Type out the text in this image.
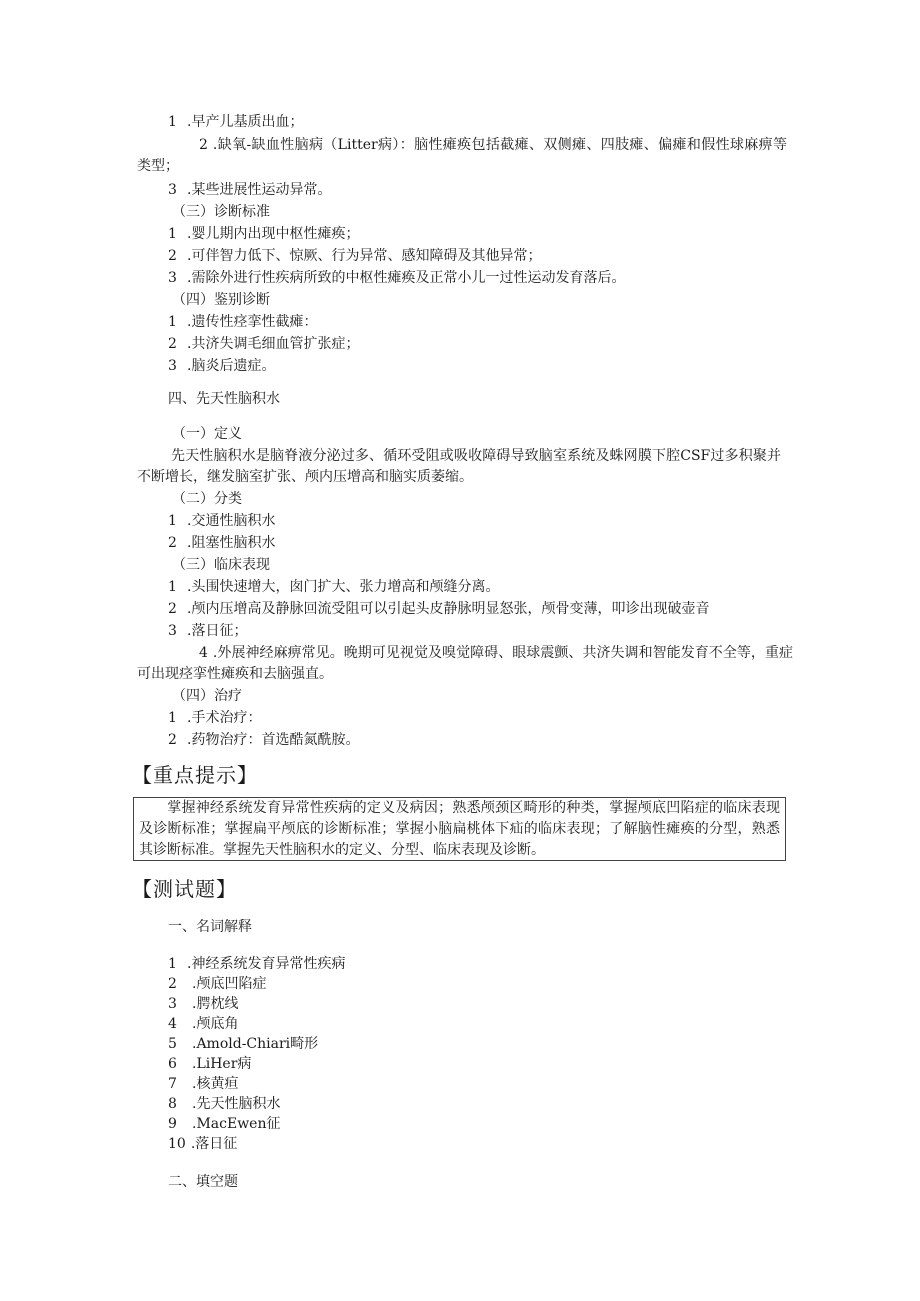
1 .早产儿基质出血；
2 .缺氧-缺血性脑病（Litter病）：脑性瘫痪包括截瘫、双侧瘫、四肢瘫、偏瘫和假性球麻痹等类型；
3 .某些进展性运动异常。
（三）诊断标准
1 .婴儿期内出现中枢性瘫痪；
2 .可伴智力低下、惊厥、行为异常、感知障碍及其他异常；
3 .需除外进行性疾病所致的中枢性瘫痪及正常小儿一过性运动发育落后。
（四）鉴别诊断
1 .遗传性痉挛性截瘫：
2 .共济失调毛细血管扩张症；
3 .脑炎后遗症。
四、先天性脑积水
（一）定义
先天性脑积水是脑脊液分泌过多、循环受阻或吸收障碍导致脑室系统及蛛网膜下腔CSF过多积聚并不断增长，继发脑室扩张、颅内压增高和脑实质萎缩。
（二）分类
1 .交通性脑积水
2 .阻塞性脑积水
（三）临床表现
1 .头围快速增大，囱门扩大、张力增高和颅缝分离。
2 .颅内压增高及静脉回流受阻可以引起头皮静脉明显怒张，颅骨变薄，叩诊出现破壶音
3 .落日征；
4 .外展神经麻痹常见。晚期可见视觉及嗅觉障碍、眼球震颤、共济失调和智能发育不全等，重症可出现痉挛性瘫痪和去脑强直。
（四）治疗
1 .手术治疗：
2 .药物治疗：首选酷氮酰胺。
【重点提示】
掌握神经系统发育异常性疾病的定义及病因；熟悉颅颈区畸形的种类，掌握颅底凹陷症的临床表现及诊断标准；掌握扁平颅底的诊断标准；掌握小脑扁桃体下疝的临床表现；了解脑性瘫痪的分型，熟悉其诊断标准。掌握先天性脑积水的定义、分型、临床表现及诊断。
【测试题】
一、名词解释
1 .神经系统发育异常性疾病
2 .颅底凹陷症
3 .腭枕线
4 .颅底角
5 .Amold-Chiari畸形
6 .LiHer病
7 .核黄疸
8 .先天性脑积水
9 .MacEwen征
10 .落日征
二、填空题
